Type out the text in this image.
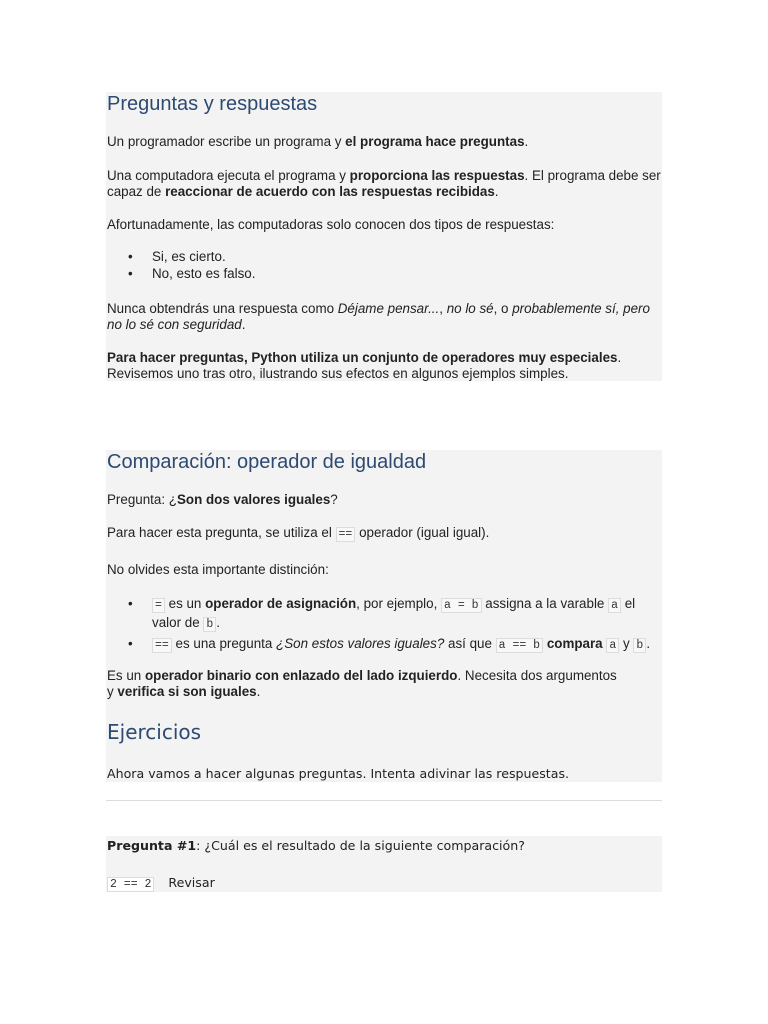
Preguntas y respuestas

Un programador escribe un programa y el programa hace preguntas.

Una computadora ejecuta el programa y proporciona las respuestas. El programa debe ser capaz de reaccionar de acuerdo con las respuestas recibidas.

Afortunadamente, las computadoras solo conocen dos tipos de respuestas:

• Si, es cierto.
• No, esto es falso.

Nunca obtendrás una respuesta como Déjame pensar..., no lo sé, o probablemente sí, pero no lo sé con seguridad.

Para hacer preguntas, Python utiliza un conjunto de operadores muy especiales. Revisemos uno tras otro, ilustrando sus efectos en algunos ejemplos simples.

Comparación: operador de igualdad

Pregunta: ¿Son dos valores iguales?

Para hacer esta pregunta, se utiliza el == operador (igual igual).

No olvides esta importante distinción:

• = es un operador de asignación, por ejemplo, a = b assigna a la varable a el valor de b .
• == es una pregunta ¿Son estos valores iguales? así que a == b compara a y b .

Es un operador binario con enlazado del lado izquierdo. Necesita dos argumentos
y verifica si son iguales.

Ejercicios

Ahora vamos a hacer algunas preguntas. Intenta adivinar las respuestas.

Pregunta #1: ¿Cuál es el resultado de la siguiente comparación?

2 == 2 Revisar
